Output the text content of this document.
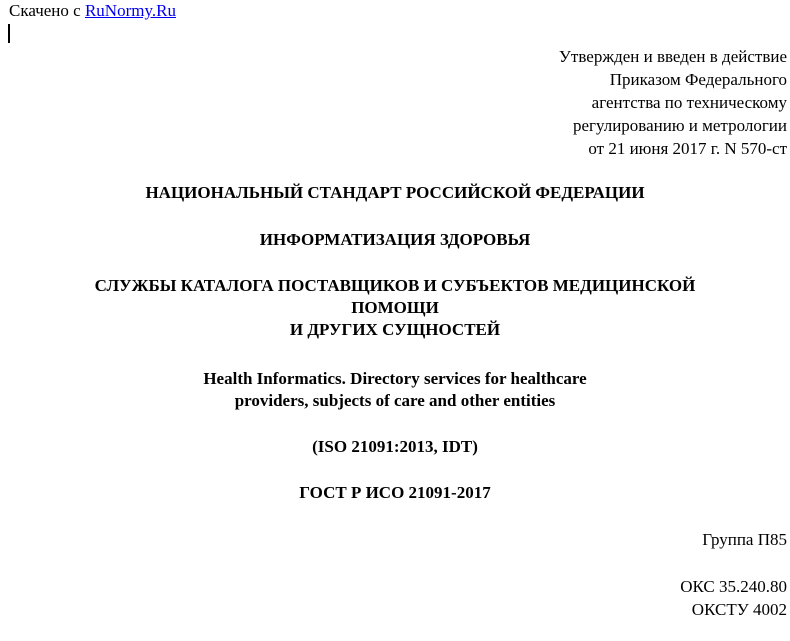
Скачено с RuNormy.Ru
Утвержден и введен в действие
Приказом Федерального
агентства по техническому
регулированию и метрологии
от 21 июня 2017 г. N 570-ст
НАЦИОНАЛЬНЫЙ СТАНДАРТ РОССИЙСКОЙ ФЕДЕРАЦИИ
ИНФОРМАТИЗАЦИЯ ЗДОРОВЬЯ
СЛУЖБЫ КАТАЛОГА ПОСТАВЩИКОВ И СУБЪЕКТОВ МЕДИЦИНСКОЙ
ПОМОЩИ
И ДРУГИХ СУЩНОСТЕЙ
Health Informatics. Directory services for healthcare
providers, subjects of care and other entities
(ISO 21091:2013, IDT)
ГОСТ Р ИСО 21091-2017
Группа П85
ОКС 35.240.80
ОКСТУ 4002
